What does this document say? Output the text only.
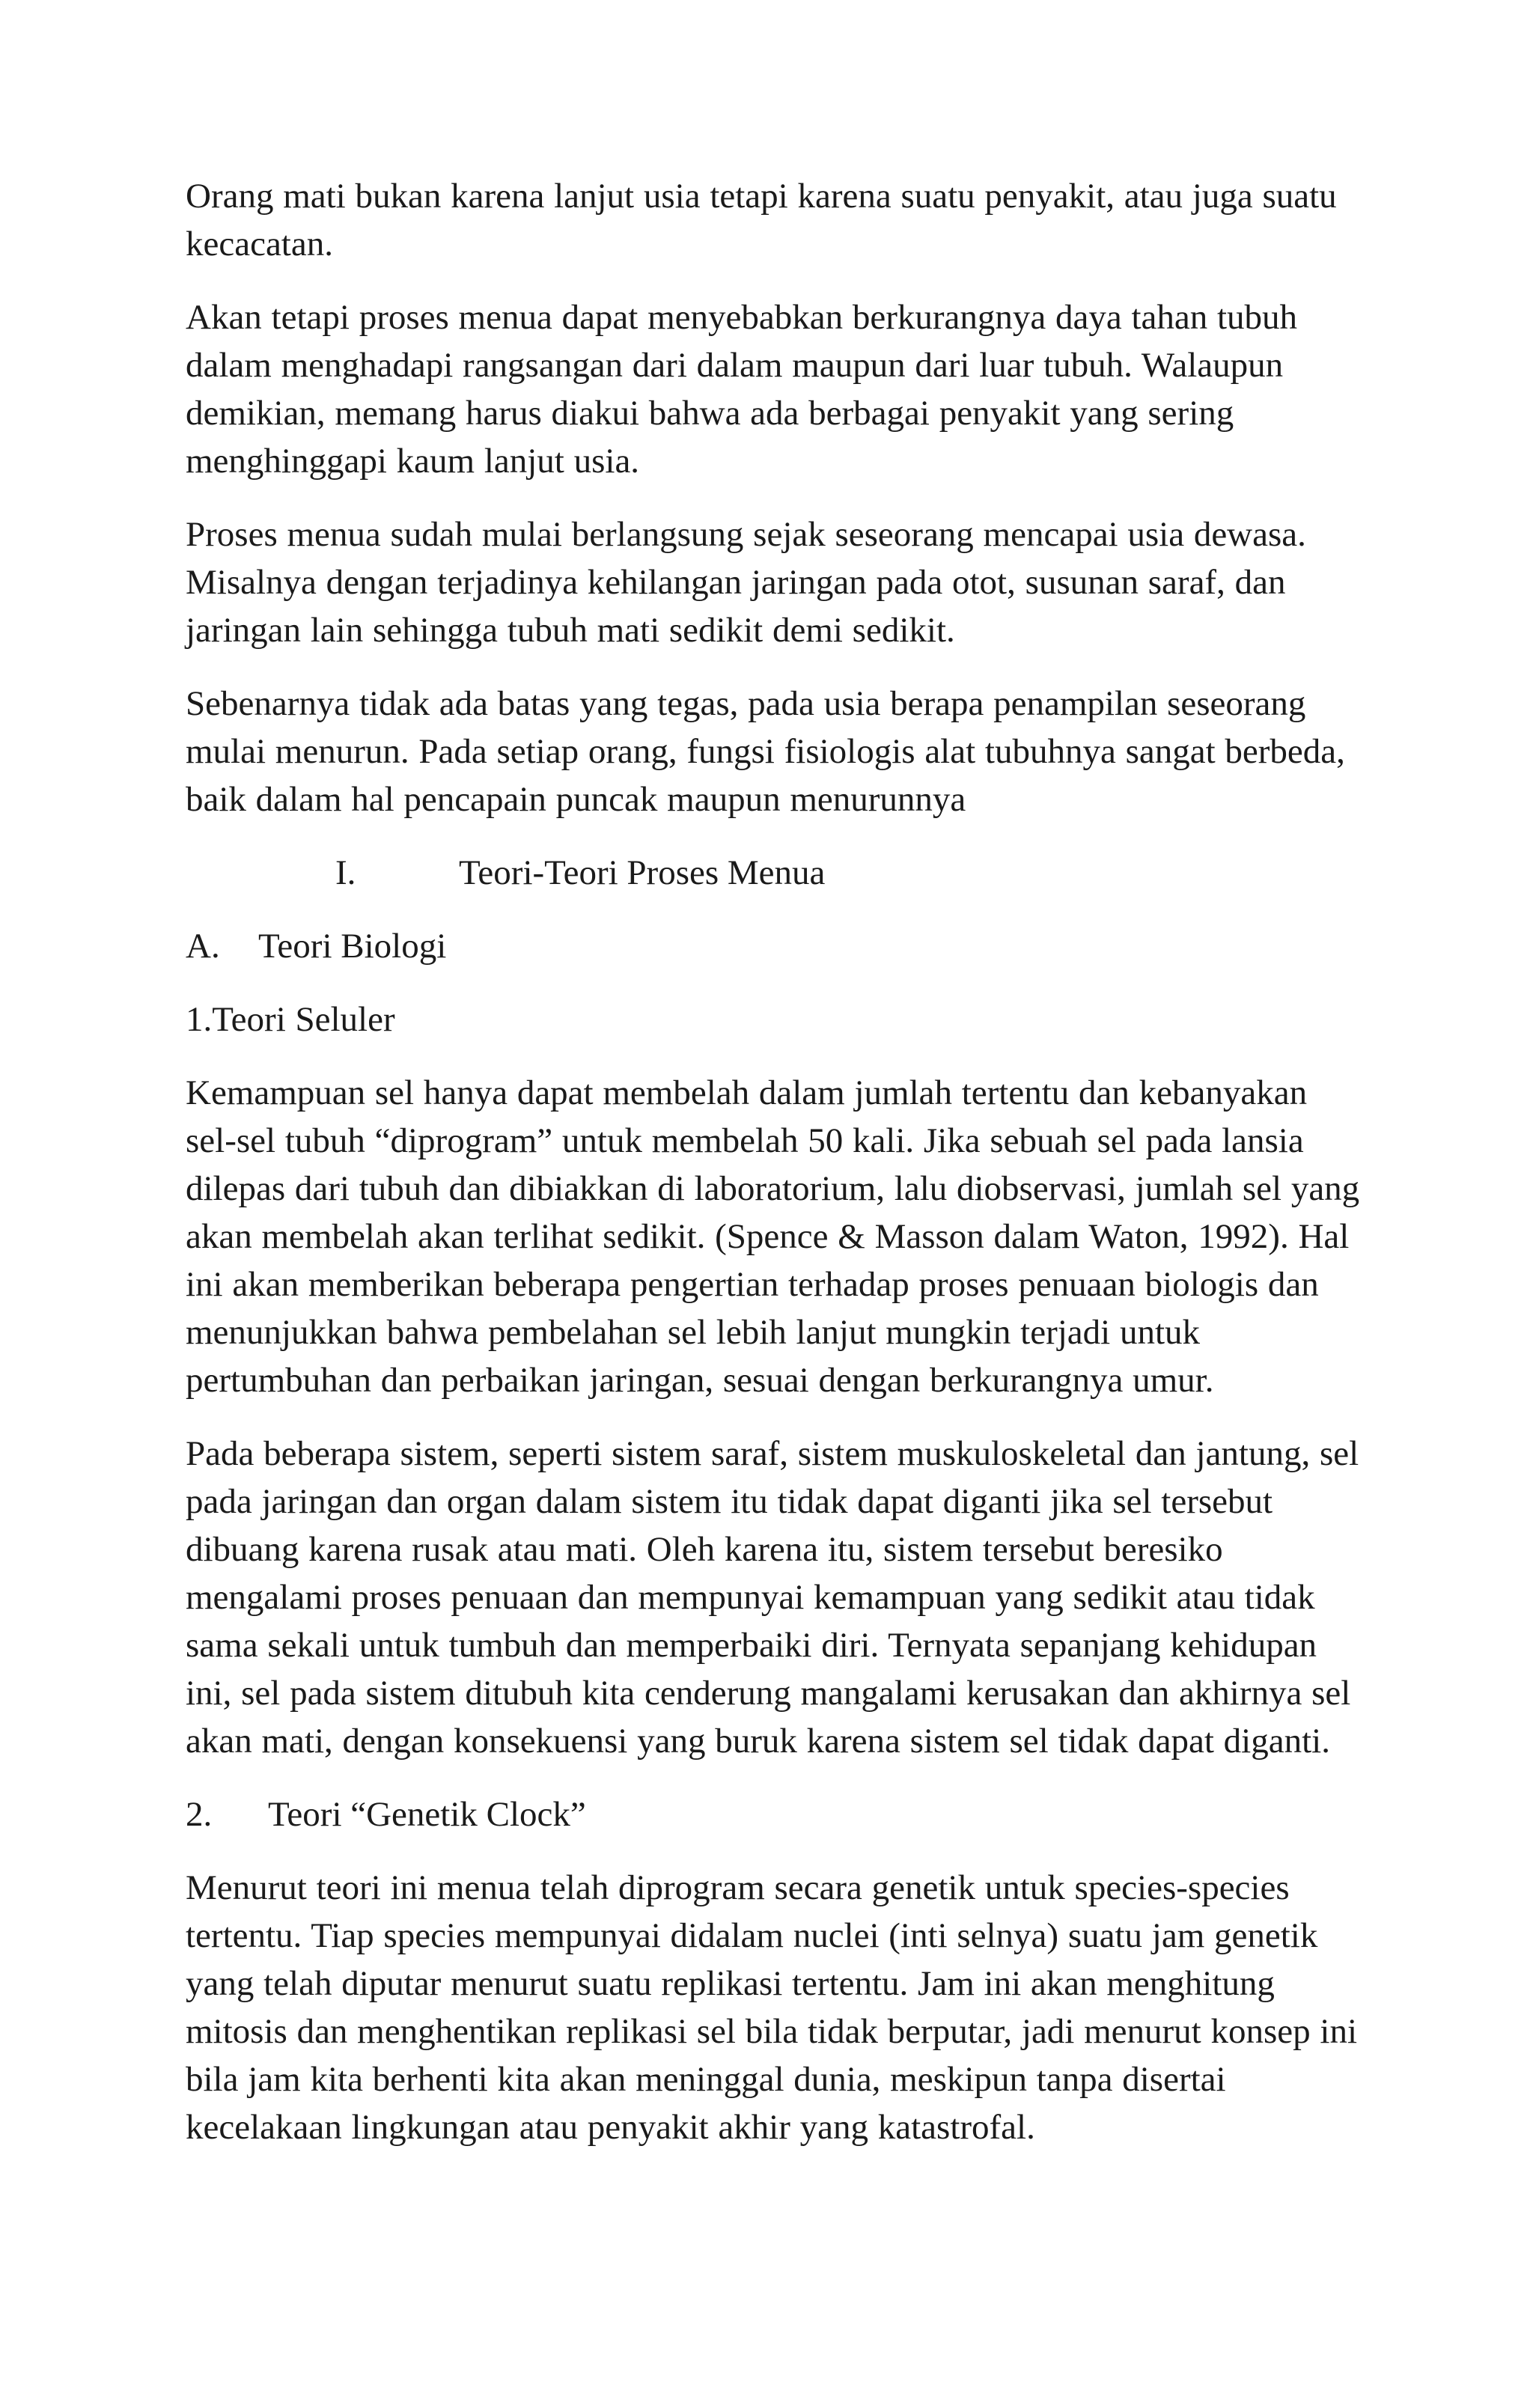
Orang mati bukan karena lanjut usia tetapi karena suatu penyakit, atau juga suatu kecacatan.

Akan tetapi proses menua dapat menyebabkan berkurangnya daya tahan tubuh dalam menghadapi rangsangan dari dalam maupun dari luar tubuh. Walaupun demikian, memang harus diakui bahwa ada berbagai penyakit yang sering menghinggapi kaum lanjut usia.

Proses menua sudah mulai berlangsung sejak seseorang mencapai usia dewasa. Misalnya dengan terjadinya kehilangan jaringan pada otot, susunan saraf, dan jaringan lain sehingga tubuh mati sedikit demi sedikit.

Sebenarnya tidak ada batas yang tegas, pada usia berapa penampilan seseorang mulai menurun. Pada setiap orang, fungsi fisiologis alat tubuhnya sangat berbeda, baik dalam hal pencapain puncak maupun menurunnya

I.	Teori-Teori Proses Menua
A.	Teori Biologi

1.Teori Seluler

Kemampuan sel hanya dapat membelah dalam jumlah tertentu dan kebanyakan sel-sel tubuh “diprogram” untuk membelah 50 kali. Jika sebuah sel pada lansia dilepas dari tubuh dan dibiakkan di laboratorium, lalu diobservasi, jumlah sel yang akan membelah akan terlihat sedikit. (Spence & Masson dalam Waton, 1992). Hal ini akan memberikan beberapa pengertian terhadap proses penuaan biologis dan menunjukkan bahwa pembelahan sel lebih lanjut mungkin terjadi untuk pertumbuhan dan perbaikan jaringan, sesuai dengan berkurangnya umur.

Pada beberapa sistem, seperti sistem saraf, sistem muskuloskeletal dan jantung, sel pada jaringan dan organ dalam sistem itu tidak dapat diganti jika sel tersebut dibuang karena rusak atau mati. Oleh karena itu, sistem tersebut beresiko mengalami proses penuaan dan mempunyai kemampuan yang sedikit atau tidak sama sekali untuk tumbuh dan memperbaiki diri. Ternyata sepanjang kehidupan ini, sel pada sistem ditubuh kita cenderung mangalami kerusakan dan akhirnya sel akan mati, dengan konsekuensi yang buruk karena sistem sel tidak dapat diganti.

2.	Teori “Genetik Clock”

Menurut teori ini menua telah diprogram secara genetik untuk species-species tertentu. Tiap species mempunyai didalam nuclei (inti selnya) suatu jam genetik yang telah diputar menurut suatu replikasi tertentu. Jam ini akan menghitung mitosis dan menghentikan replikasi sel bila tidak berputar, jadi menurut konsep ini bila jam kita berhenti kita akan meninggal dunia, meskipun tanpa disertai kecelakaan lingkungan atau penyakit akhir yang katastrofal.
